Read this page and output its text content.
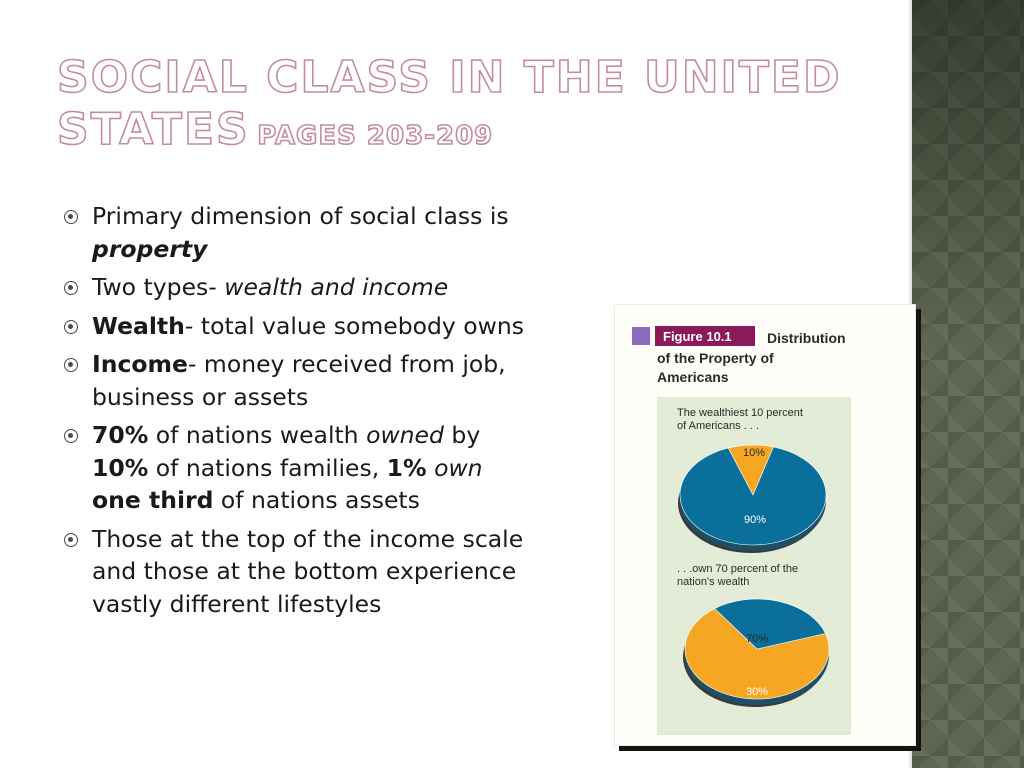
SOCIAL CLASS IN THE UNITED STATES PAGES 203-209
Primary dimension of social class is property
Two types- wealth and income
Wealth- total value somebody owns
Income- money received from job, business or assets
70% of nations wealth owned by 10% of nations families, 1% own one third of nations assets
Those at the top of the income scale and those at the bottom experience vastly different lifestyles
Figure 10.1	Distribution
of the Property of
Americans
The wealthiest 10 percent
of Americans . . .
. . .own 70 percent of the
nation's wealth
10%
90%
70%
30%
